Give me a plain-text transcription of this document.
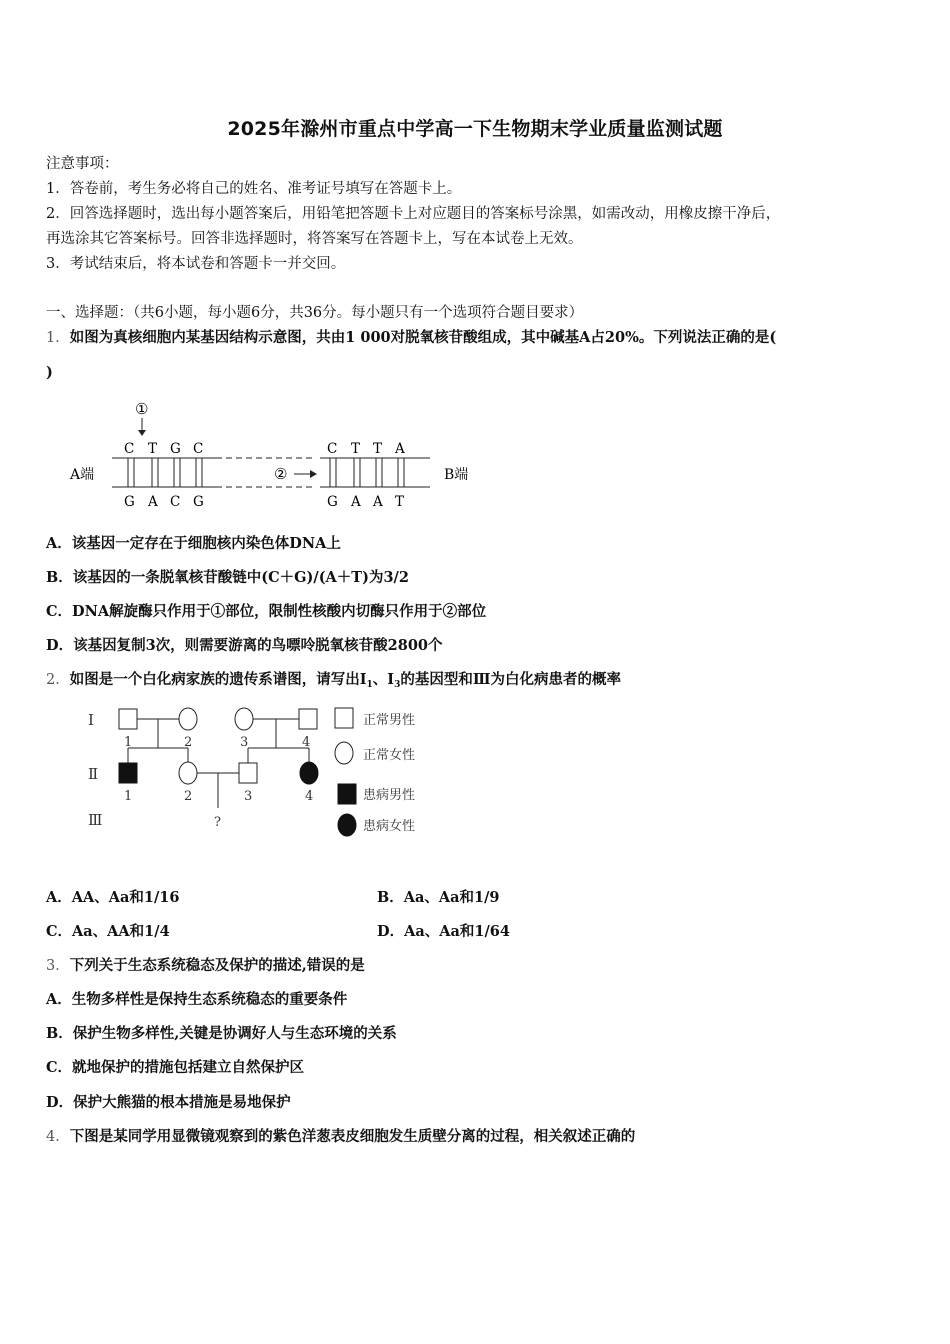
2025年滁州市重点中学高一下生物期末学业质量监测试题
注意事项：
1．答卷前，考生务必将自己的姓名、准考证号填写在答题卡上。
2．回答选择题时，选出每小题答案后，用铅笔把答题卡上对应题目的答案标号涂黑，如需改动，用橡皮擦干净后，
再选涂其它答案标号。回答非选择题时，将答案写在答题卡上，写在本试卷上无效。
3．考试结束后，将本试卷和答题卡一并交回。
一、选择题：（共6小题，每小题6分，共36分。每小题只有一个选项符合题目要求）
1．如图为真核细胞内某基因结构示意图，共由1 000对脱氧核苷酸组成，其中碱基A占20%。下列说法正确的是(
)
①
C T G C	C T T A
A端	B端
②
G A C G	G A A T
A．该基因一定存在于细胞核内染色体DNA上
B．该基因的一条脱氧核苷酸链中(C＋G)/(A＋T)为3/2
C．DNA解旋酶只作用于①部位，限制性核酸内切酶只作用于②部位
D．该基因复制3次，则需要游离的鸟嘌呤脱氧核苷酸2800个
2．如图是一个白化病家族的遗传系谱图，请写出$Ⅰ_1$、$Ⅰ_3$的基因型和Ⅲ为白化病患者的概率
Ⅰ
Ⅱ
Ⅲ
1	2	3	4
1	2	3	4
?
正常男性
正常女性
患病男性
患病女性
A．AA、Aa和1/16	B．Aa、Aa和1/9
C．Aa、AA和1/4	D．Aa、Aa和1/64
3．下列关于生态系统稳态及保护的描述,错误的是
A．生物多样性是保持生态系统稳态的重要条件
B．保护生物多样性,关键是协调好人与生态环境的关系
C．就地保护的措施包括建立自然保护区
D．保护大熊猫的根本措施是易地保护
4．下图是某同学用显微镜观察到的紫色洋葱表皮细胞发生质壁分离的过程，相关叙述正确的
